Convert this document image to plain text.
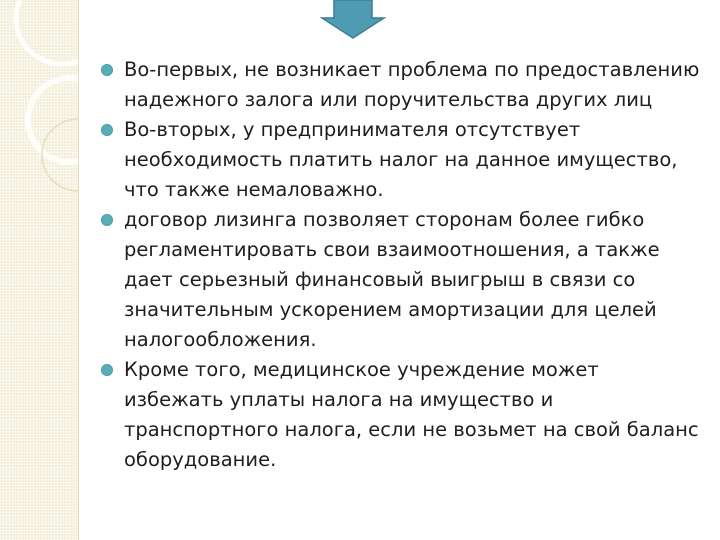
Во-первых, не возникает проблема по предоставлению надежного залога или поручительства других лиц
Во-вторых, у предпринимателя отсутствует необходимость платить налог на данное имущество, что также немаловажно.
договор лизинга позволяет сторонам более гибко регламентировать свои взаимоотношения, а также дает серьезный финансовый выигрыш в связи со значительным ускорением амортизации для целей налогообложения.
Кроме того, медицинское учреждение может избежать уплаты налога на имущество и транспортного налога, если не возьмет на свой баланс оборудование.
